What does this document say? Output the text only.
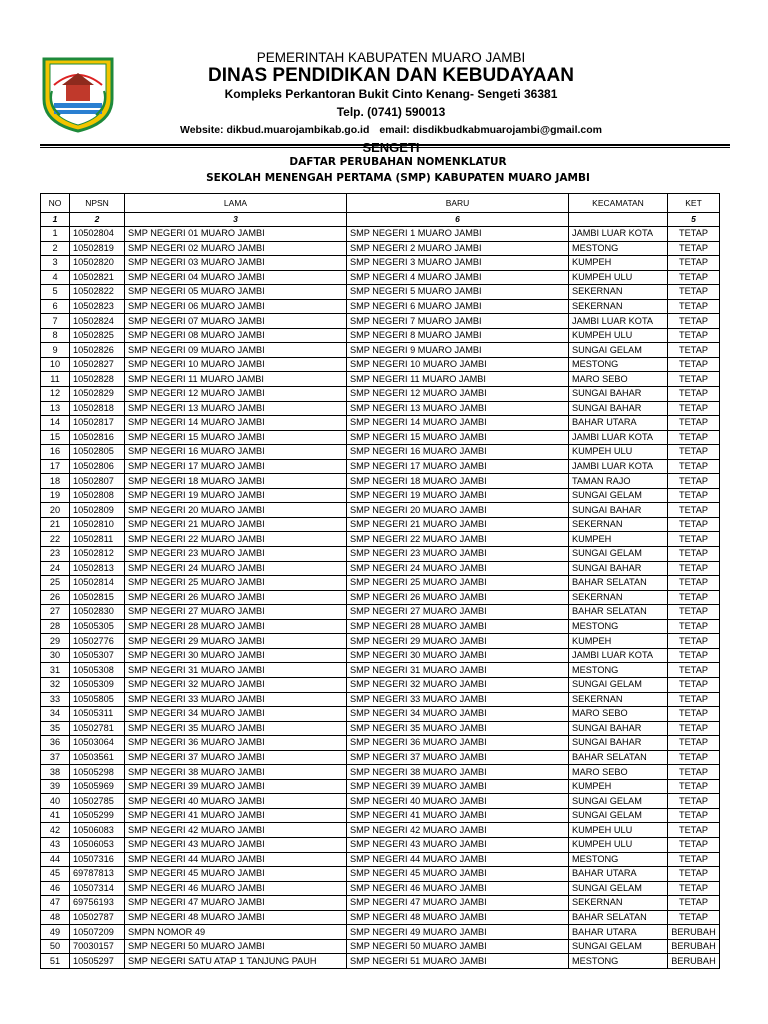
PEMERINTAH KABUPATEN MUARO JAMBI
DINAS PENDIDIKAN DAN KEBUDAYAAN
Kompleks Perkantoran Bukit Cinto Kenang- Sengeti 36381
Telp. (0741) 590013
Website: dikbud.muarojambikab.go.id email: disdikbudkabmuarojambi@gmail.com
SENGETI
DAFTAR PERUBAHAN NOMENKLATUR
SEKOLAH MENENGAH PERTAMA (SMP) KABUPATEN MUARO JAMBI
NO	NPSN	LAMA	BARU	KECAMATAN	KET
1	2	3	6		5
1	10502804	SMP NEGERI 01 MUARO JAMBI	SMP NEGERI 1 MUARO JAMBI	JAMBI LUAR KOTA	TETAP
2	10502819	SMP NEGERI 02 MUARO JAMBI	SMP NEGERI 2 MUARO JAMBI	MESTONG	TETAP
3	10502820	SMP NEGERI 03 MUARO JAMBI	SMP NEGERI 3 MUARO JAMBI	KUMPEH	TETAP
4	10502821	SMP NEGERI 04 MUARO JAMBI	SMP NEGERI 4 MUARO JAMBI	KUMPEH ULU	TETAP
5	10502822	SMP NEGERI 05 MUARO JAMBI	SMP NEGERI 5 MUARO JAMBI	SEKERNAN	TETAP
6	10502823	SMP NEGERI 06 MUARO JAMBI	SMP NEGERI 6 MUARO JAMBI	SEKERNAN	TETAP
7	10502824	SMP NEGERI 07 MUARO JAMBI	SMP NEGERI 7 MUARO JAMBI	JAMBI LUAR KOTA	TETAP
8	10502825	SMP NEGERI 08 MUARO JAMBI	SMP NEGERI 8 MUARO JAMBI	KUMPEH ULU	TETAP
9	10502826	SMP NEGERI 09 MUARO JAMBI	SMP NEGERI 9 MUARO JAMBI	SUNGAI GELAM	TETAP
10	10502827	SMP NEGERI 10 MUARO JAMBI	SMP NEGERI 10 MUARO JAMBI	MESTONG	TETAP
11	10502828	SMP NEGERI 11 MUARO JAMBI	SMP NEGERI 11 MUARO JAMBI	MARO SEBO	TETAP
12	10502829	SMP NEGERI 12 MUARO JAMBI	SMP NEGERI 12 MUARO JAMBI	SUNGAI BAHAR	TETAP
13	10502818	SMP NEGERI 13 MUARO JAMBI	SMP NEGERI 13 MUARO JAMBI	SUNGAI BAHAR	TETAP
14	10502817	SMP NEGERI 14 MUARO JAMBI	SMP NEGERI 14 MUARO JAMBI	BAHAR UTARA	TETAP
15	10502816	SMP NEGERI 15 MUARO JAMBI	SMP NEGERI 15 MUARO JAMBI	JAMBI LUAR KOTA	TETAP
16	10502805	SMP NEGERI 16 MUARO JAMBI	SMP NEGERI 16 MUARO JAMBI	KUMPEH ULU	TETAP
17	10502806	SMP NEGERI 17 MUARO JAMBI	SMP NEGERI 17 MUARO JAMBI	JAMBI LUAR KOTA	TETAP
18	10502807	SMP NEGERI 18 MUARO JAMBI	SMP NEGERI 18 MUARO JAMBI	TAMAN RAJO	TETAP
19	10502808	SMP NEGERI 19 MUARO JAMBI	SMP NEGERI 19 MUARO JAMBI	SUNGAI GELAM	TETAP
20	10502809	SMP NEGERI 20 MUARO JAMBI	SMP NEGERI 20 MUARO JAMBI	SUNGAI BAHAR	TETAP
21	10502810	SMP NEGERI 21 MUARO JAMBI	SMP NEGERI 21 MUARO JAMBI	SEKERNAN	TETAP
22	10502811	SMP NEGERI 22 MUARO JAMBI	SMP NEGERI 22 MUARO JAMBI	KUMPEH	TETAP
23	10502812	SMP NEGERI 23 MUARO JAMBI	SMP NEGERI 23 MUARO JAMBI	SUNGAI GELAM	TETAP
24	10502813	SMP NEGERI 24 MUARO JAMBI	SMP NEGERI 24 MUARO JAMBI	SUNGAI BAHAR	TETAP
25	10502814	SMP NEGERI 25 MUARO JAMBI	SMP NEGERI 25 MUARO JAMBI	BAHAR SELATAN	TETAP
26	10502815	SMP NEGERI 26 MUARO JAMBI	SMP NEGERI 26 MUARO JAMBI	SEKERNAN	TETAP
27	10502830	SMP NEGERI 27 MUARO JAMBI	SMP NEGERI 27 MUARO JAMBI	BAHAR SELATAN	TETAP
28	10505305	SMP NEGERI 28 MUARO JAMBI	SMP NEGERI 28 MUARO JAMBI	MESTONG	TETAP
29	10502776	SMP NEGERI 29 MUARO JAMBI	SMP NEGERI 29 MUARO JAMBI	KUMPEH	TETAP
30	10505307	SMP NEGERI 30 MUARO JAMBI	SMP NEGERI 30 MUARO JAMBI	JAMBI LUAR KOTA	TETAP
31	10505308	SMP NEGERI 31 MUARO JAMBI	SMP NEGERI 31 MUARO JAMBI	MESTONG	TETAP
32	10505309	SMP NEGERI 32 MUARO JAMBI	SMP NEGERI 32 MUARO JAMBI	SUNGAI GELAM	TETAP
33	10505805	SMP NEGERI 33 MUARO JAMBI	SMP NEGERI 33 MUARO JAMBI	SEKERNAN	TETAP
34	10505311	SMP NEGERI 34 MUARO JAMBI	SMP NEGERI 34 MUARO JAMBI	MARO SEBO	TETAP
35	10502781	SMP NEGERI 35 MUARO JAMBI	SMP NEGERI 35 MUARO JAMBI	SUNGAI BAHAR	TETAP
36	10503064	SMP NEGERI 36 MUARO JAMBI	SMP NEGERI 36 MUARO JAMBI	SUNGAI BAHAR	TETAP
37	10503561	SMP NEGERI 37 MUARO JAMBI	SMP NEGERI 37 MUARO JAMBI	BAHAR SELATAN	TETAP
38	10505298	SMP NEGERI 38 MUARO JAMBI	SMP NEGERI 38 MUARO JAMBI	MARO SEBO	TETAP
39	10505969	SMP NEGERI 39 MUARO JAMBI	SMP NEGERI 39 MUARO JAMBI	KUMPEH	TETAP
40	10502785	SMP NEGERI 40 MUARO JAMBI	SMP NEGERI 40 MUARO JAMBI	SUNGAI GELAM	TETAP
41	10505299	SMP NEGERI 41 MUARO JAMBI	SMP NEGERI 41 MUARO JAMBI	SUNGAI GELAM	TETAP
42	10506083	SMP NEGERI 42 MUARO JAMBI	SMP NEGERI 42 MUARO JAMBI	KUMPEH ULU	TETAP
43	10506053	SMP NEGERI 43 MUARO JAMBI	SMP NEGERI 43 MUARO JAMBI	KUMPEH ULU	TETAP
44	10507316	SMP NEGERI 44 MUARO JAMBI	SMP NEGERI 44 MUARO JAMBI	MESTONG	TETAP
45	69787813	SMP NEGERI 45 MUARO JAMBI	SMP NEGERI 45 MUARO JAMBI	BAHAR UTARA	TETAP
46	10507314	SMP NEGERI 46 MUARO JAMBI	SMP NEGERI 46 MUARO JAMBI	SUNGAI GELAM	TETAP
47	69756193	SMP NEGERI 47 MUARO JAMBI	SMP NEGERI 47 MUARO JAMBI	SEKERNAN	TETAP
48	10502787	SMP NEGERI 48 MUARO JAMBI	SMP NEGERI 48 MUARO JAMBI	BAHAR SELATAN	TETAP
49	10507209	SMPN NOMOR 49	SMP NEGERI 49 MUARO JAMBI	BAHAR UTARA	BERUBAH
50	70030157	SMP NEGERI 50 MUARO JAMBI	SMP NEGERI 50 MUARO JAMBI	SUNGAI GELAM	BERUBAH
51	10505297	SMP NEGERI SATU ATAP 1 TANJUNG PAUH	SMP NEGERI 51 MUARO JAMBI	MESTONG	BERUBAH
